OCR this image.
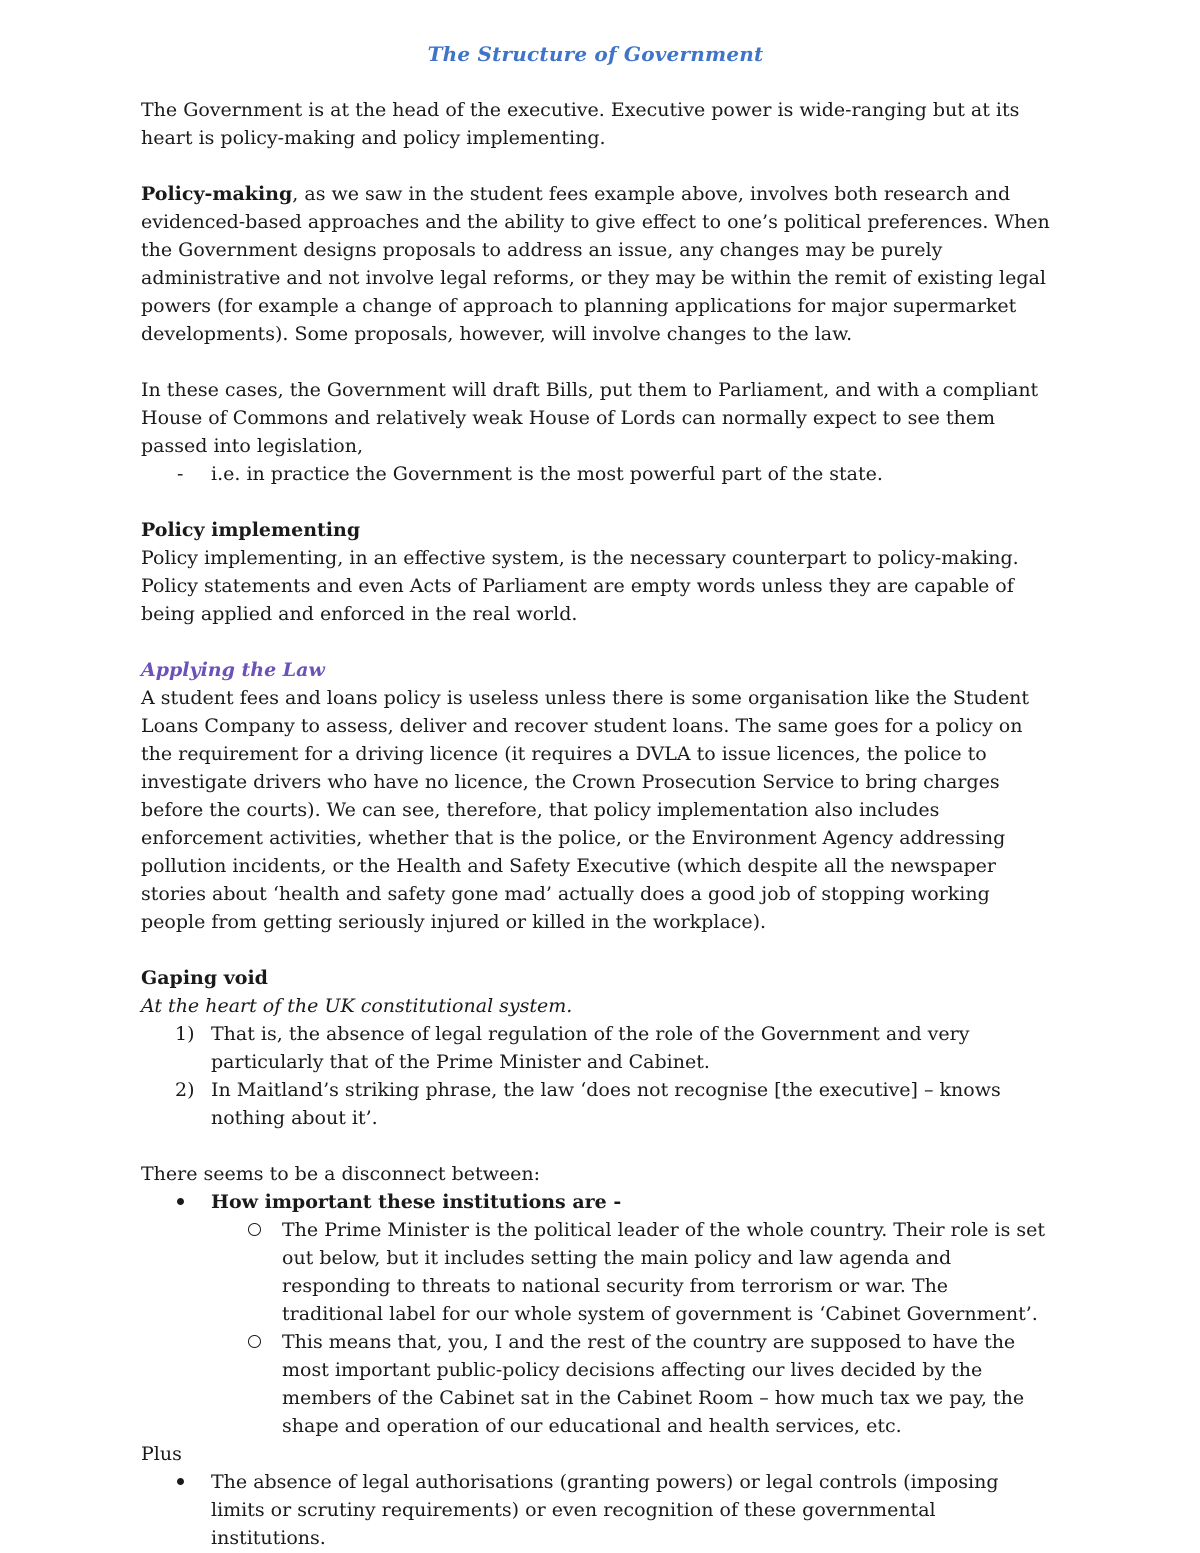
The Structure of Government

The Government is at the head of the executive. Executive power is wide-ranging but at its heart is policy-making and policy implementing.

Policy-making, as we saw in the student fees example above, involves both research and evidenced-based approaches and the ability to give effect to one’s political preferences. When the Government designs proposals to address an issue, any changes may be purely administrative and not involve legal reforms, or they may be within the remit of existing legal powers (for example a change of approach to planning applications for major supermarket developments). Some proposals, however, will involve changes to the law.

In these cases, the Government will draft Bills, put them to Parliament, and with a compliant House of Commons and relatively weak House of Lords can normally expect to see them passed into legislation,

-	i.e. in practice the Government is the most powerful part of the state.

Policy implementing

Policy implementing, in an effective system, is the necessary counterpart to policy-making. Policy statements and even Acts of Parliament are empty words unless they are capable of being applied and enforced in the real world.

Applying the Law

A student fees and loans policy is useless unless there is some organisation like the Student Loans Company to assess, deliver and recover student loans. The same goes for a policy on the requirement for a driving licence (it requires a DVLA to issue licences, the police to investigate drivers who have no licence, the Crown Prosecution Service to bring charges before the courts). We can see, therefore, that policy implementation also includes enforcement activities, whether that is the police, or the Environment Agency addressing pollution incidents, or the Health and Safety Executive (which despite all the newspaper stories about ‘health and safety gone mad’ actually does a good job of stopping working people from getting seriously injured or killed in the workplace).

Gaping void

At the heart of the UK constitutional system.

1) That is, the absence of legal regulation of the role of the Government and very particularly that of the Prime Minister and Cabinet.
2) In Maitland’s striking phrase, the law ‘does not recognise [the executive] – knows nothing about it’.

There seems to be a disconnect between:

How important these institutions are -
The Prime Minister is the political leader of the whole country. Their role is set out below, but it includes setting the main policy and law agenda and responding to threats to national security from terrorism or war. The traditional label for our whole system of government is ‘Cabinet Government’.
This means that, you, I and the rest of the country are supposed to have the most important public-policy decisions affecting our lives decided by the members of the Cabinet sat in the Cabinet Room – how much tax we pay, the shape and operation of our educational and health services, etc.

Plus

The absence of legal authorisations (granting powers) or legal controls (imposing limits or scrutiny requirements) or even recognition of these governmental institutions.
